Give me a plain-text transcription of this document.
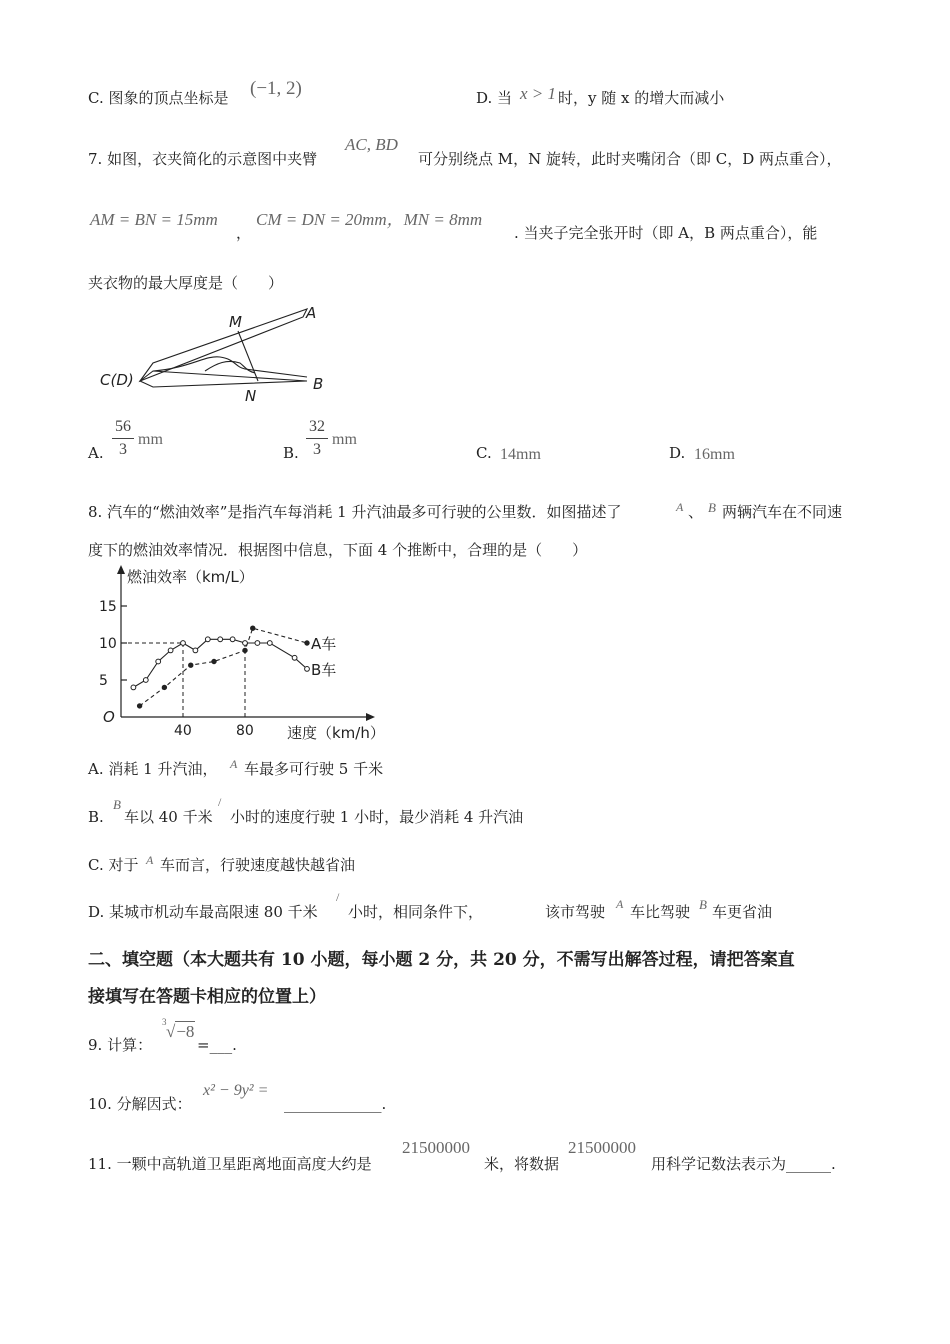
C. 图象的顶点坐标是 (−1, 2)	D. 当 x > 1 时，y 随 x 的增大而减小
7. 如图，衣夹简化的示意图中夹臂
AC, BD
可分别绕点 M，N 旋转，此时夹嘴闭合（即 C，D 两点重合），
AM = BN = 15mm
，
CM = DN = 20mm，MN = 8mm
. 当夹子完全张开时（即 A，B 两点重合），能
夹衣物的最大厚度是（　　）
M	A
C(D)	B
N
A.
56
3
mm
B.
32
3
mm
C. 14mm	D. 16mm
8. 汽车的“燃油效率”是指汽车每消耗 1 升汽油最多可行驶的公里数．如图描述了	A 、 B 两辆汽车在不同速
度下的燃油效率情况．根据图中信息，下面 4 个推断中，合理的是（　　）
燃油效率（km/L）
速度（km/h）
O
5
10
15
40	80
A车
B车
A. 消耗 1 升汽油， A 车最多可行驶 5 千米
B.
B
车以 40 千米
/
小时的速度行驶 1 小时，最少消耗 4 升汽油
C. 对于 A 车而言，行驶速度越快越省油
D. 某城市机动车最高限速 80 千米
/
小时，相同条件下，	该市驾驶 A 车比驾驶 B 车更省油
二、填空题（本大题共有 10 小题，每小题 2 分，共 20 分，不需写出解答过程，请把答案直
接填写在答题卡相应的位置上）
9. 计算：
3 √−8
=___.
10. 分解因式：
x² − 9y² =
_____________.
11. 一颗中高轨道卫星距离地面高度大约是
21500000
米，将数据
21500000
用科学记数法表示为______.
